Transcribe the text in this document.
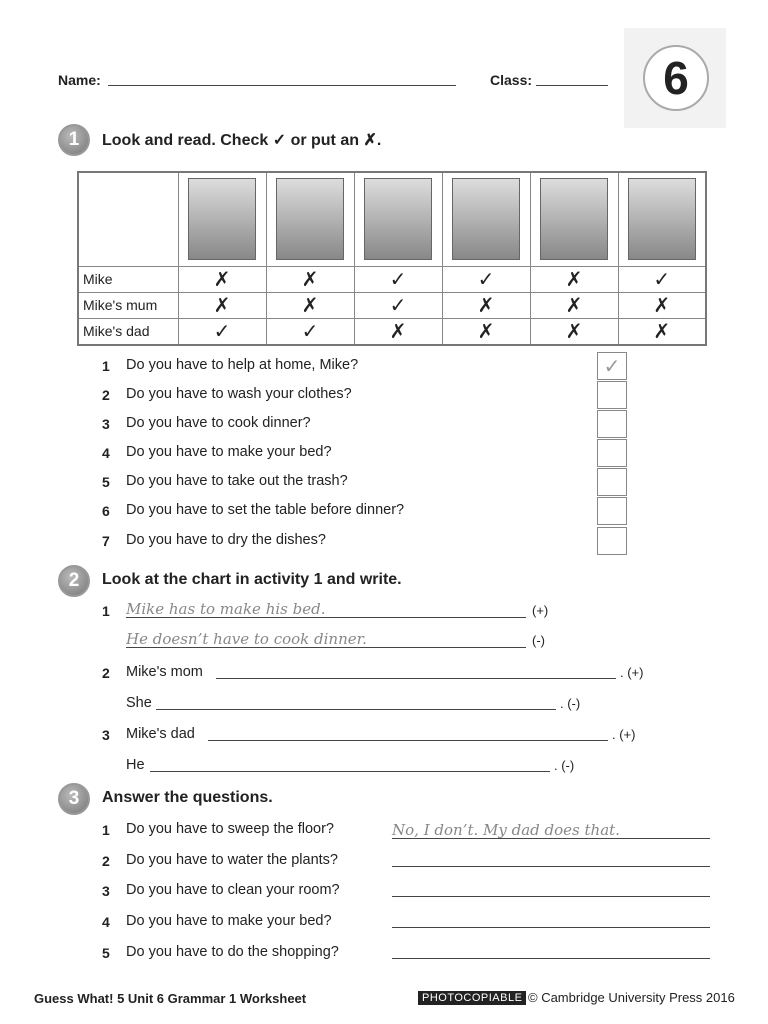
Name:	Class:	6
1	Look and read. Check ✓ or put an ✗.

Mike	✗	✗	✓	✓	✗	✓
Mike's mum	✗	✗	✓	✗	✗	✗
Mike's dad	✓	✓	✗	✗	✗	✗
1 Do you have to help at home, Mike?	✓
2 Do you have to wash your clothes?
3 Do you have to cook dinner?
4 Do you have to make your bed?
5 Do you have to take out the trash?
6 Do you have to set the table before dinner?
7 Do you have to dry the dishes?
2	Look at the chart in activity 1 and write.
1 Mike has to make his bed.	(+)
He doesn’t have to cook dinner.	(-)
2 Mike's mom	. (+)
She	. (-)
3 Mike's dad	. (+)
He	. (-)
3	Answer the questions.
1 Do you have to sweep the floor?	No, I don’t. My dad does that.
2 Do you have to water the plants?
3 Do you have to clean your room?
4 Do you have to make your bed?
5 Do you have to do the shopping?
Guess What! 5 Unit 6 Grammar 1 Worksheet	PHOTOCOPIABLE © Cambridge University Press 2016
